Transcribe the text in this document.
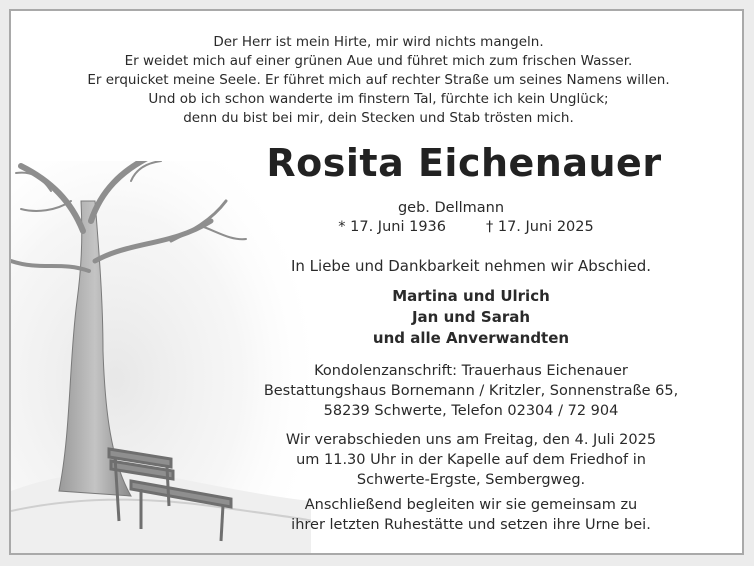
Der Herr ist mein Hirte, mir wird nichts mangeln.
Er weidet mich auf einer grünen Aue und führet mich zum frischen Wasser.
Er erquicket meine Seele. Er führet mich auf rechter Straße um seines Namens willen.
Und ob ich schon wanderte im finstern Tal, fürchte ich kein Unglück;
denn du bist bei mir, dein Stecken und Stab trösten mich.
Rosita Eichenauer
geb. Dellmann
* 17. Juni 1936	† 17. Juni 2025
In Liebe und Dankbarkeit nehmen wir Abschied.
Martina und Ulrich
Jan und Sarah
und alle Anverwandten
Kondolenzanschrift: Trauerhaus Eichenauer
Bestattungshaus Bornemann / Kritzler, Sonnenstraße 65,
58239 Schwerte, Telefon 02304 / 72 904
Wir verabschieden uns am Freitag, den 4. Juli 2025
um 11.30 Uhr in der Kapelle auf dem Friedhof in
Schwerte-Ergste, Sembergweg.
Anschließend begleiten wir sie gemeinsam zu
ihrer letzten Ruhestätte und setzen ihre Urne bei.
